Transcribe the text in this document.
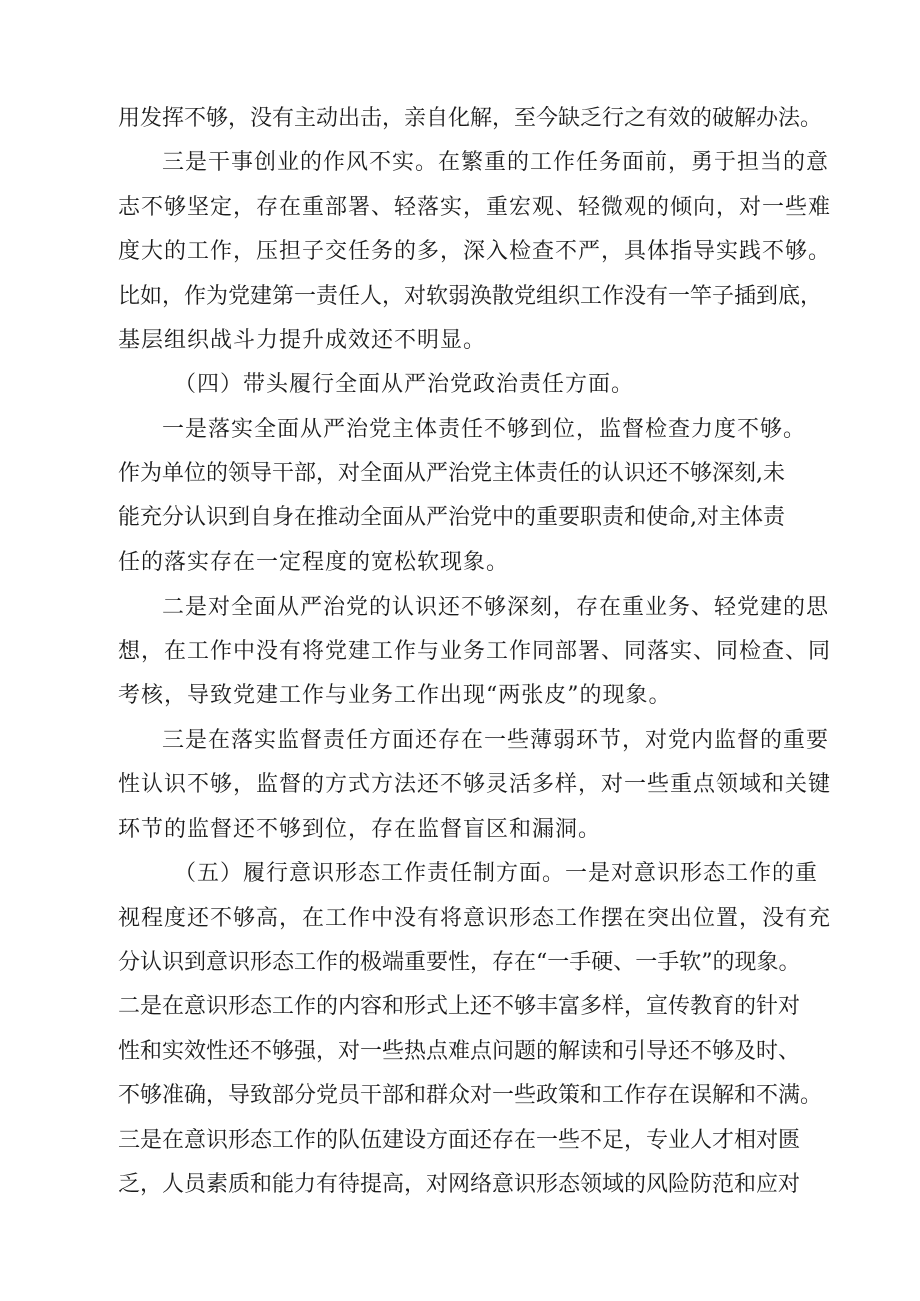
用发挥不够，没有主动出击，亲自化解，至今缺乏行之有效的破解办法。
三是干事创业的作风不实。在繁重的工作任务面前，勇于担当的意
志不够坚定，存在重部署、轻落实，重宏观、轻微观的倾向，对一些难
度大的工作，压担子交任务的多，深入检查不严，具体指导实践不够。
比如，作为党建第一责任人，对软弱涣散党组织工作没有一竿子插到底，
基层组织战斗力提升成效还不明显。
（四）带头履行全面从严治党政治责任方面。
一是落实全面从严治党主体责任不够到位，监督检查力度不够。
作为单位的领导干部，对全面从严治党主体责任的认识还不够深刻,未
能充分认识到自身在推动全面从严治党中的重要职责和使命,对主体责
任的落实存在一定程度的宽松软现象。
二是对全面从严治党的认识还不够深刻，存在重业务、轻党建的思
想，在工作中没有将党建工作与业务工作同部署、同落实、同检查、同
考核，导致党建工作与业务工作出现“两张皮”的现象。
三是在落实监督责任方面还存在一些薄弱环节，对党内监督的重要
性认识不够，监督的方式方法还不够灵活多样，对一些重点领域和关键
环节的监督还不够到位，存在监督盲区和漏洞。
（五）履行意识形态工作责任制方面。一是对意识形态工作的重
视程度还不够高，在工作中没有将意识形态工作摆在突出位置，没有充
分认识到意识形态工作的极端重要性，存在“一手硬、一手软”的现象。
二是在意识形态工作的内容和形式上还不够丰富多样，宣传教育的针对
性和实效性还不够强，对一些热点难点问题的解读和引导还不够及时、
不够准确，导致部分党员干部和群众对一些政策和工作存在误解和不满。
三是在意识形态工作的队伍建设方面还存在一些不足，专业人才相对匮
乏，人员素质和能力有待提高，对网络意识形态领域的风险防范和应对
